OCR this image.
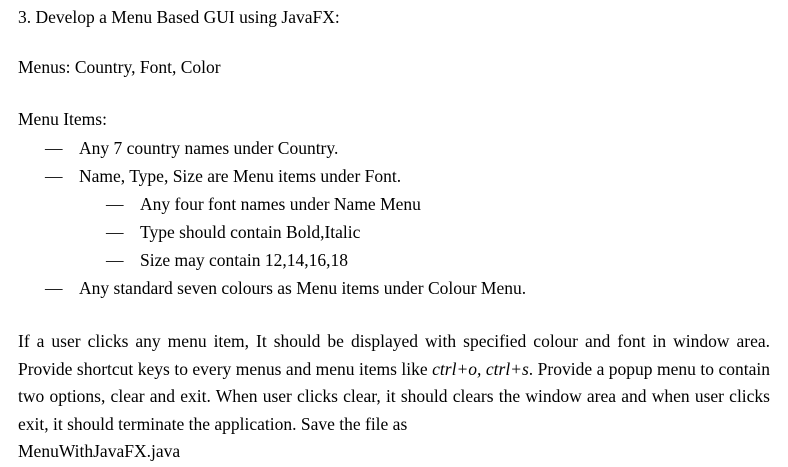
3. Develop a Menu Based GUI using JavaFX:
Menus: Country, Font, Color
Menu Items:
— Any 7 country names under Country.
— Name, Type, Size are Menu items under Font.
— Any four font names under Name Menu
— Type should contain Bold,Italic
— Size may contain 12,14,16,18
— Any standard seven colours as Menu items under Colour Menu.
If a user clicks any menu item, It should be displayed with specified colour and font in window area. Provide shortcut keys to every menus and menu items like ctrl+o, ctrl+s. Provide a popup menu to contain two options, clear and exit. When user clicks clear, it should clears the window area and when user clicks exit, it should terminate the application. Save the file as
MenuWithJavaFX.java
